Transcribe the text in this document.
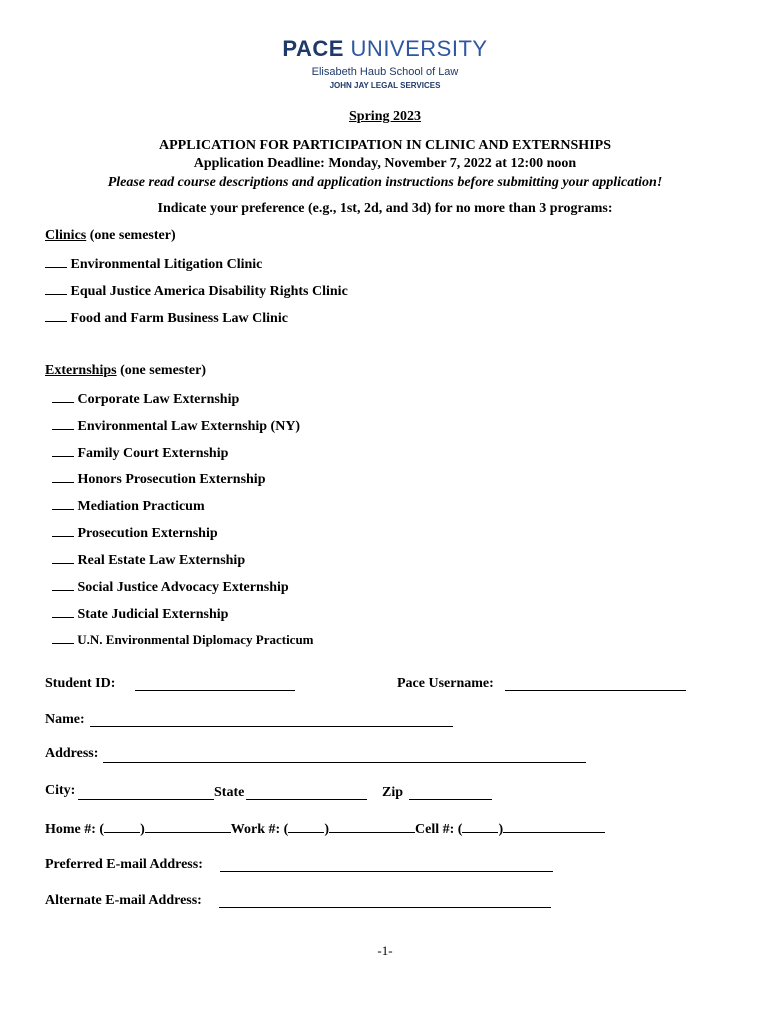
PACE UNIVERSITY
Elisabeth Haub School of Law
JOHN JAY LEGAL SERVICES
Spring 2023
APPLICATION FOR PARTICIPATION IN CLINIC AND EXTERNSHIPS
Application Deadline: Monday, November 7, 2022 at 12:00 noon
Please read course descriptions and application instructions before submitting your application!
Indicate your preference (e.g., 1st, 2d, and 3d) for no more than 3 programs:
Clinics (one semester)
Environmental Litigation Clinic
Equal Justice America Disability Rights Clinic
Food and Farm Business Law Clinic
Externships (one semester)
Corporate Law Externship
Environmental Law Externship (NY)
Family Court Externship
Honors Prosecution Externship
Mediation Practicum
Prosecution Externship
Real Estate Law Externship
Social Justice Advocacy Externship
State Judicial Externship
U.N. Environmental Diplomacy Practicum
Student ID:	Pace Username:
Name:
Address:
City:	State	Zip
Home #: (	)	Work #: (	)	Cell #: (	)
Preferred E-mail Address:
Alternate E-mail Address:
-1-
